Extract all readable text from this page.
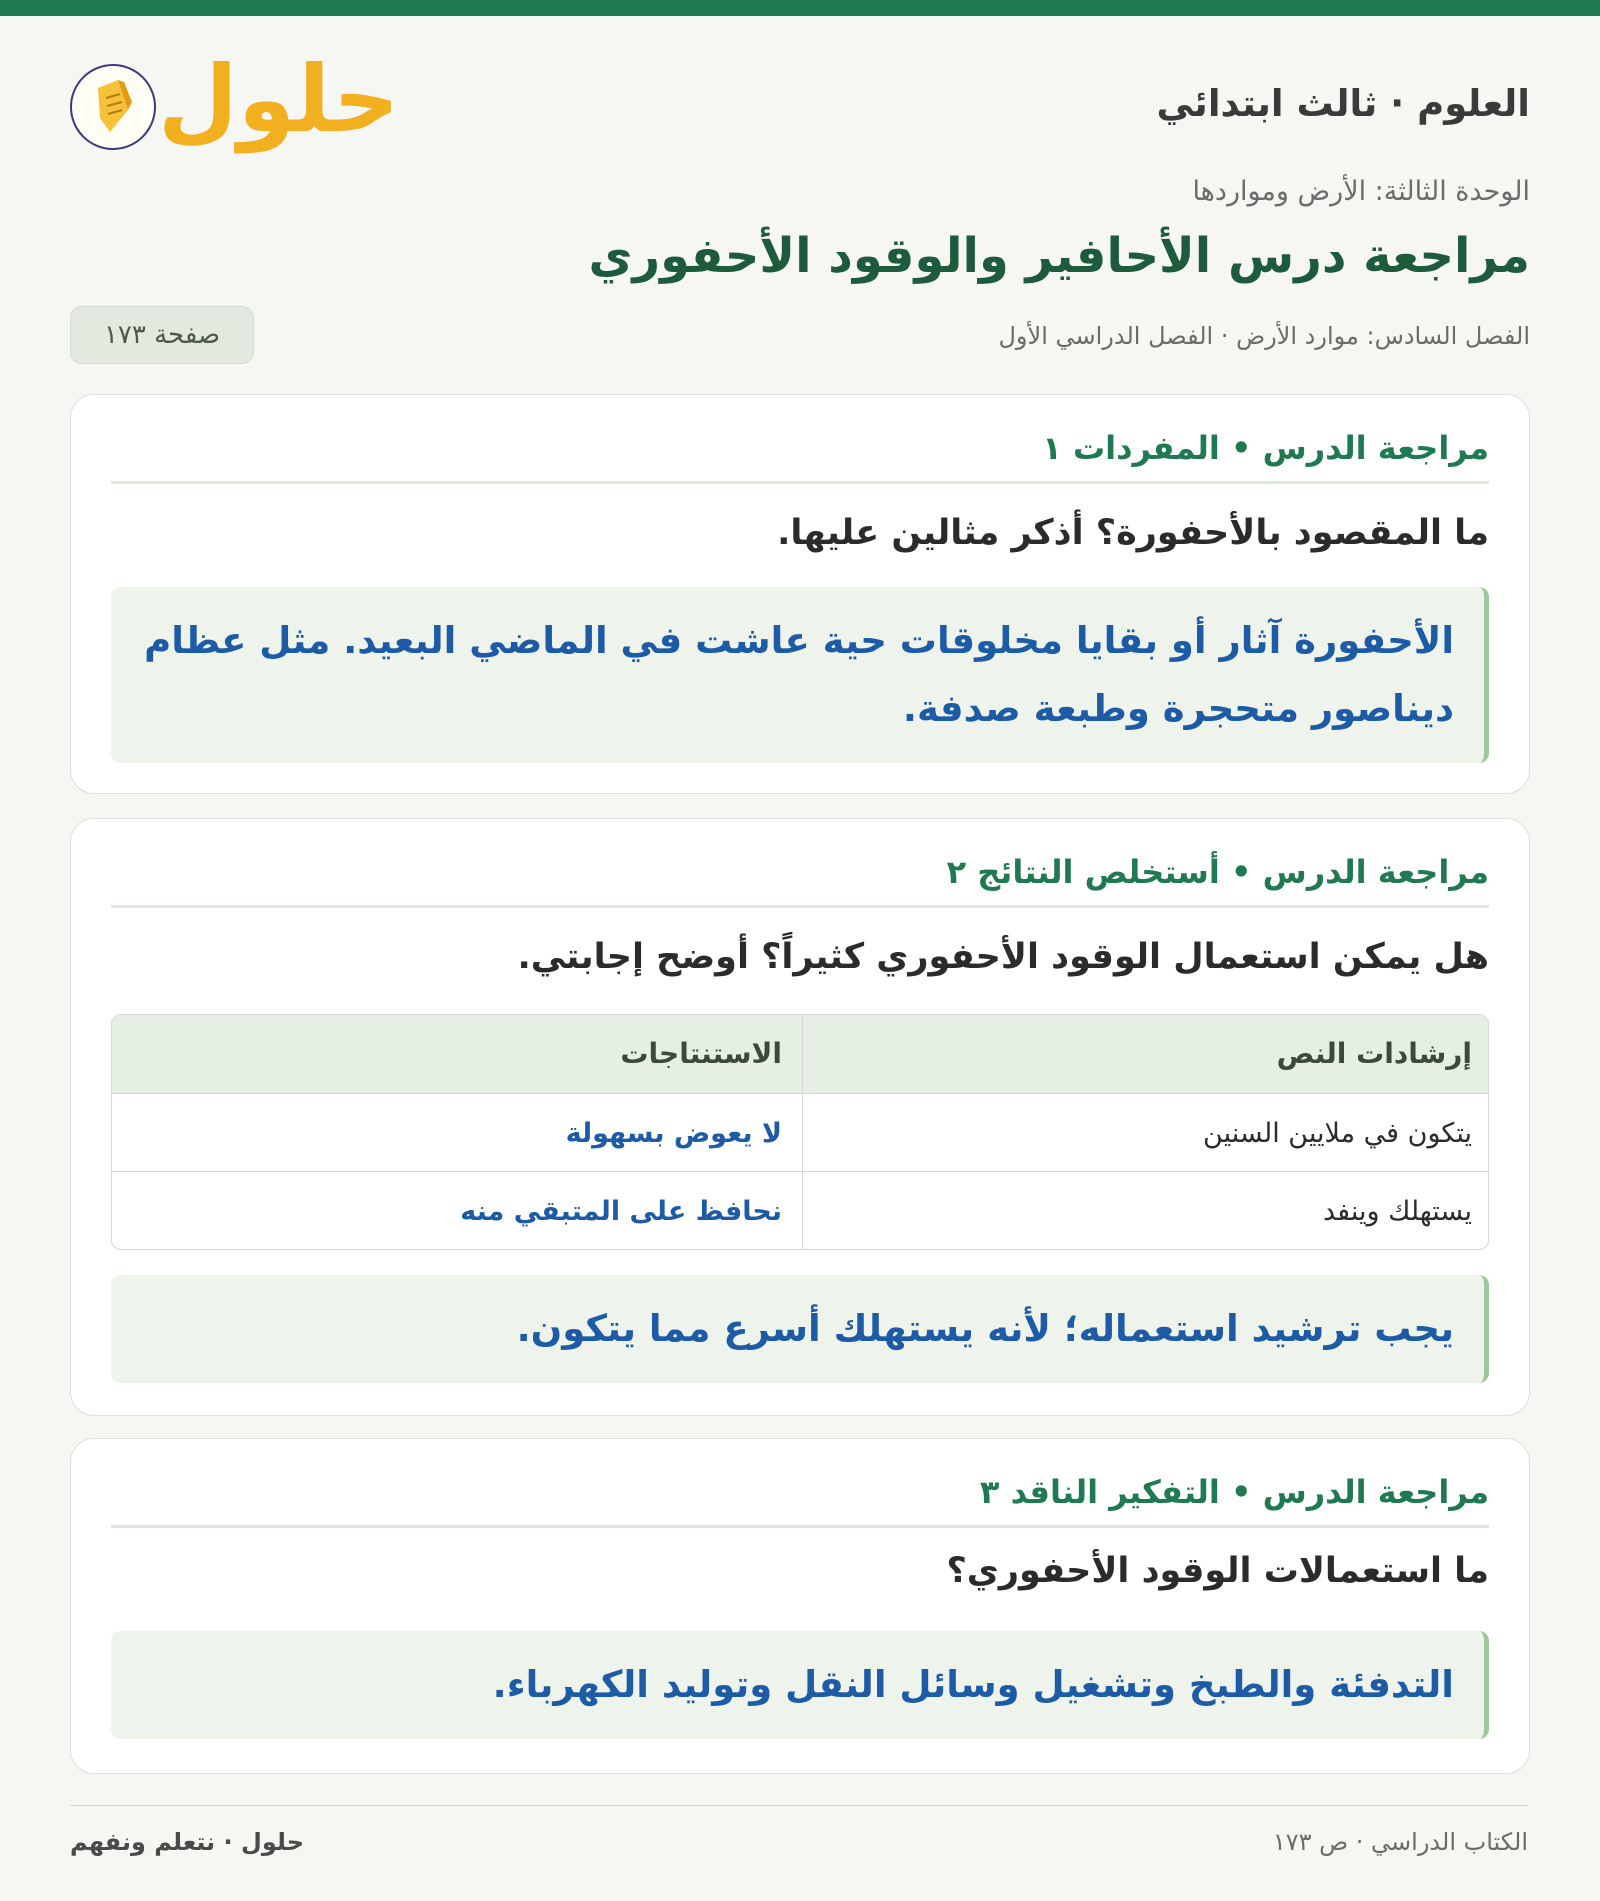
العلوم · ثالث ابتدائي
الوحدة الثالثة: الأرض ومواردها
مراجعة درس الأحافير والوقود الأحفوري
الفصل السادس: موارد الأرض · الفصل الدراسي الأول
صفحة ١٧٣
حلول
مراجعة الدرس • المفردات ١
ما المقصود بالأحفورة؟ أذكر مثالين عليها.
الأحفورة آثار أو بقايا مخلوقات حية عاشت في الماضي البعيد. مثل عظام ديناصور متحجرة وطبعة صدفة.
مراجعة الدرس • أستخلص النتائج ٢
هل يمكن استعمال الوقود الأحفوري كثيراً؟ أوضح إجابتي.
إرشادات النص
الاستنتاجات
يتكون في ملايين السنين
لا يعوض بسهولة
يستهلك وينفد
نحافظ على المتبقي منه
يجب ترشيد استعماله؛ لأنه يستهلك أسرع مما يتكون.
مراجعة الدرس • التفكير الناقد ٣
ما استعمالات الوقود الأحفوري؟
التدفئة والطبخ وتشغيل وسائل النقل وتوليد الكهرباء.
الكتاب الدراسي · ص ١٧٣
حلول · نتعلم ونفهم
